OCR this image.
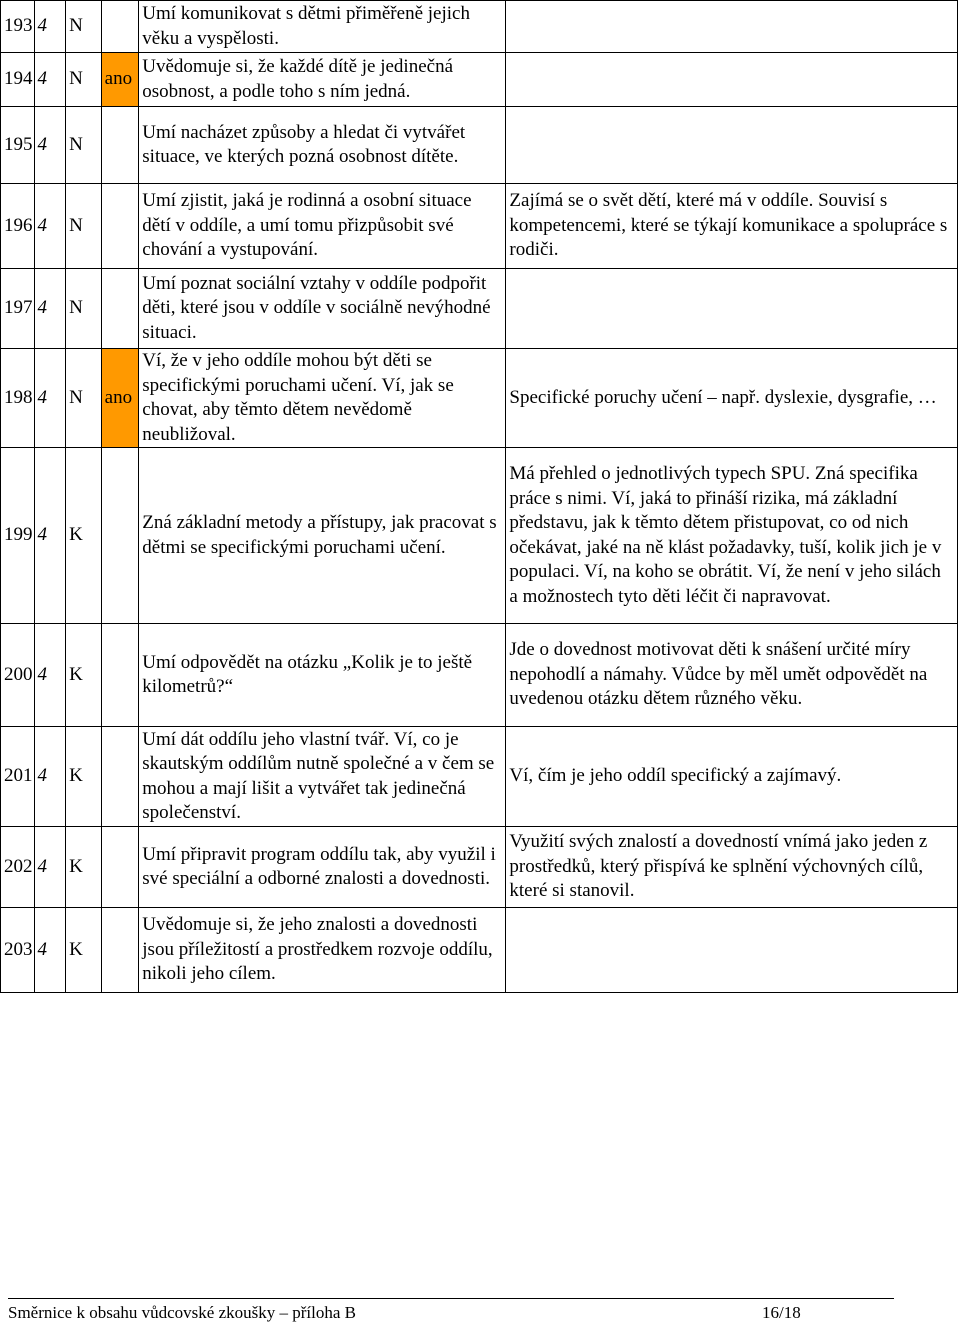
193	4	N		Umí komunikovat s dětmi přiměřeně jejich věku a vyspělosti.	
194	4	N	ano	Uvědomuje si, že každé dítě je jedinečná osobnost, a podle toho s ním jedná.	
195	4	N		Umí nacházet způsoby a hledat či vytvářet situace, ve kterých pozná osobnost dítěte.	
196	4	N		Umí zjistit, jaká je rodinná a osobní situace dětí v oddíle, a umí tomu přizpůsobit své chování a vystupování.	Zajímá se o svět dětí, které má v oddíle. Souvisí s kompetencemi, které se týkají komunikace a spolupráce s rodiči.
197	4	N		Umí poznat sociální vztahy v oddíle podpořit děti, které jsou v oddíle v sociálně nevýhodné situaci.	
198	4	N	ano	Ví, že v jeho oddíle mohou být děti se specifickými poruchami učení. Ví, jak se chovat, aby těmto dětem nevědomě neubližoval.	Specifické poruchy učení – např. dyslexie, dysgrafie, …
199	4	K		Zná základní metody a přístupy, jak pracovat s dětmi se specifickými poruchami učení.	Má přehled o jednotlivých typech SPU. Zná specifika práce s nimi. Ví, jaká to přináší rizika, má základní představu, jak k těmto dětem přistupovat, co od nich očekávat, jaké na ně klást požadavky, tuší, kolik jich je v populaci. Ví, na koho se obrátit. Ví, že není v jeho silách a možnostech tyto děti léčit či napravovat.
200	4	K		Umí odpovědět na otázku „Kolik je to ještě kilometrů?“	Jde o dovednost motivovat děti k snášení určité míry nepohodlí a námahy. Vůdce by měl umět odpovědět na uvedenou otázku dětem různého věku.
201	4	K		Umí dát oddílu jeho vlastní tvář. Ví, co je skautským oddílům nutně společné a v čem se mohou a mají lišit a vytvářet tak jedinečná společenství.	Ví, čím je jeho oddíl specifický a zajímavý.
202	4	K		Umí připravit program oddílu tak, aby využil i své speciální a odborné znalosti a dovednosti.	Využití svých znalostí a dovedností vnímá jako jeden z prostředků, který přispívá ke splnění výchovných cílů, které si stanovil.
203	4	K		Uvědomuje si, že jeho znalosti a dovednosti jsou příležitostí a prostředkem rozvoje oddílu, nikoli jeho cílem.	
Směrnice k obsahu vůdcovské zkoušky – příloha B	16/18
